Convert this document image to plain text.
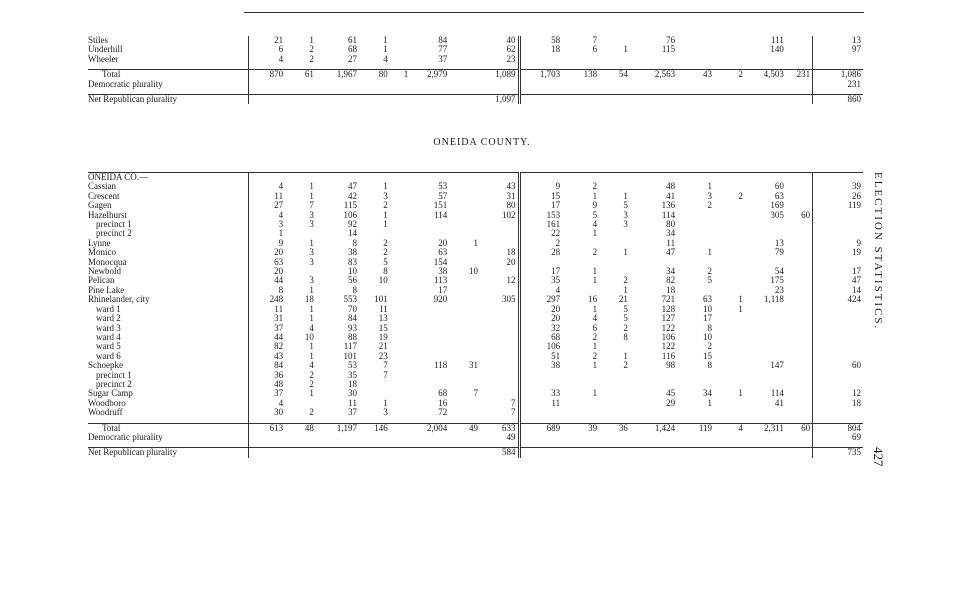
Stiles	21	1	61	1		84		40	58	7		76			111		13
Underhill	6	2	68	1		77		62	18	6	1	115			140		97
Wheeler	4	2	27	4		37		23									

Total	870	61	1,967	80	1	2,979		1,089	1,703	138	54	2,563	43	2	4,503	231	1,086
Democratic plurality																	231

Net Republican plurality								1,097									860
ONEIDA COUNTY.
ONEIDA CO.—																	
Cassian	4	1	47	1		53		43	9	2		48	1		60		39
Crescent	11	1	42	3		57		31	15	1	1	41	3	2	63		26
Gagen	27	7	115	2		151		80	17	9	5	136	2		169		119
Hazelhurst	4	3	106	1		114		102	153	5	3	114			305	60	
precinct 1	3	3	92	1					161	4	3	80					
precinct 2	1		14						22	1		34					
Lynne	9	1	8	2		20	1		2			11			13		9
Monico	20	3	38	2		63		18	28	2	1	47	1		79		19
Monocqua	63	3	83	5		154		20									
Newbold	20		10	8		38	10		17	1		34	2		54		17
Pelican	44	3	56	10		113		12	35	1	2	82	5		175		47
Pine Lake	8	1	8			17			4		1	18			23		14
Rhinelander, city	248	18	553	101		920		305	297	16	21	721	63	1	1,118		424
ward 1	11	1	70	11					20	1	5	128	10	1			
ward 2	31	1	84	13					20	4	5	127	17				
ward 3	37	4	93	15					32	6	2	122	8				
ward 4	44	10	88	19					68	2	8	106	10				
ward 5	82	1	117	21					106	1		122	2				
ward 6	43	1	101	23					51	2	1	116	15				
Schoepke	84	4	53	7		118	31		38	1	2	98	8		147		60
precinct 1	36	2	35	7													
precinct 2	48	2	18														
Sugar Camp	37	1	30			68	7		33	1		45	34	1	114		12
Woodboro	4		11	1		16		7	11			29	1		41		18
Woodruff	30	2	37	3		72		7									

Total	613	48	1,197	146		2,004	49	633	689	39	36	1,424	119	4	2,311	60	804
Democratic plurality								49									69

Net Republican plurality								584									735
ELECTION STATISTICS.
427
